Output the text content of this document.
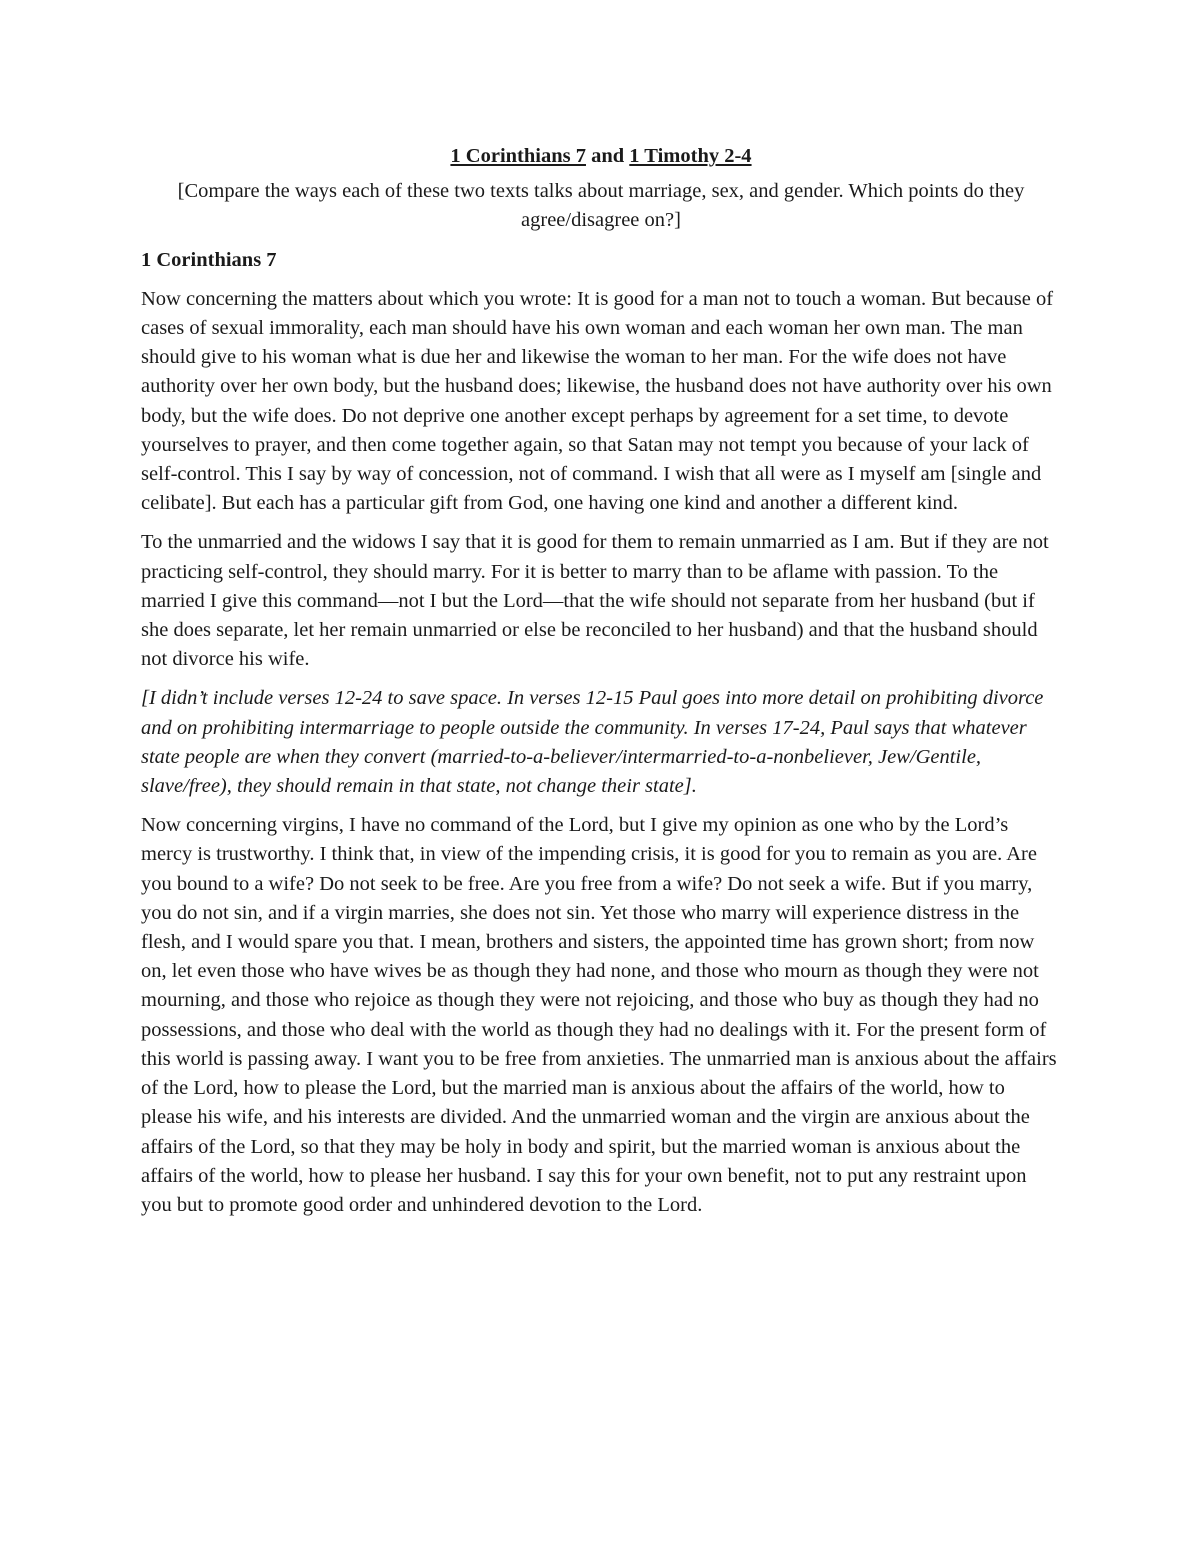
1 Corinthians 7 and 1 Timothy 2-4

[Compare the ways each of these two texts talks about marriage, sex, and gender. Which points do they agree/disagree on?]

1 Corinthians 7

Now concerning the matters about which you wrote: It is good for a man not to touch a woman. But because of cases of sexual immorality, each man should have his own woman and each woman her own man. The man should give to his woman what is due her and likewise the woman to her man. For the wife does not have authority over her own body, but the husband does; likewise, the husband does not have authority over his own body, but the wife does. Do not deprive one another except perhaps by agreement for a set time, to devote yourselves to prayer, and then come together again, so that Satan may not tempt you because of your lack of self-control. This I say by way of concession, not of command. I wish that all were as I myself am [single and celibate]. But each has a particular gift from God, one having one kind and another a different kind.

To the unmarried and the widows I say that it is good for them to remain unmarried as I am. But if they are not practicing self-control, they should marry. For it is better to marry than to be aflame with passion. To the married I give this command—not I but the Lord—that the wife should not separate from her husband (but if she does separate, let her remain unmarried or else be reconciled to her husband) and that the husband should not divorce his wife.

[I didn’t include verses 12-24 to save space. In verses 12-15 Paul goes into more detail on prohibiting divorce and on prohibiting intermarriage to people outside the community. In verses 17-24, Paul says that whatever state people are when they convert (married-to-a-believer/intermarried-to-a-nonbeliever, Jew/Gentile, slave/free), they should remain in that state, not change their state].

Now concerning virgins, I have no command of the Lord, but I give my opinion as one who by the Lord’s mercy is trustworthy. I think that, in view of the impending crisis, it is good for you to remain as you are. Are you bound to a wife? Do not seek to be free. Are you free from a wife? Do not seek a wife. But if you marry, you do not sin, and if a virgin marries, she does not sin. Yet those who marry will experience distress in the flesh, and I would spare you that. I mean, brothers and sisters, the appointed time has grown short; from now on, let even those who have wives be as though they had none, and those who mourn as though they were not mourning, and those who rejoice as though they were not rejoicing, and those who buy as though they had no possessions, and those who deal with the world as though they had no dealings with it. For the present form of this world is passing away. I want you to be free from anxieties. The unmarried man is anxious about the affairs of the Lord, how to please the Lord, but the married man is anxious about the affairs of the world, how to please his wife, and his interests are divided. And the unmarried woman and the virgin are anxious about the affairs of the Lord, so that they may be holy in body and spirit, but the married woman is anxious about the affairs of the world, how to please her husband. I say this for your own benefit, not to put any restraint upon you but to promote good order and unhindered devotion to the Lord.
